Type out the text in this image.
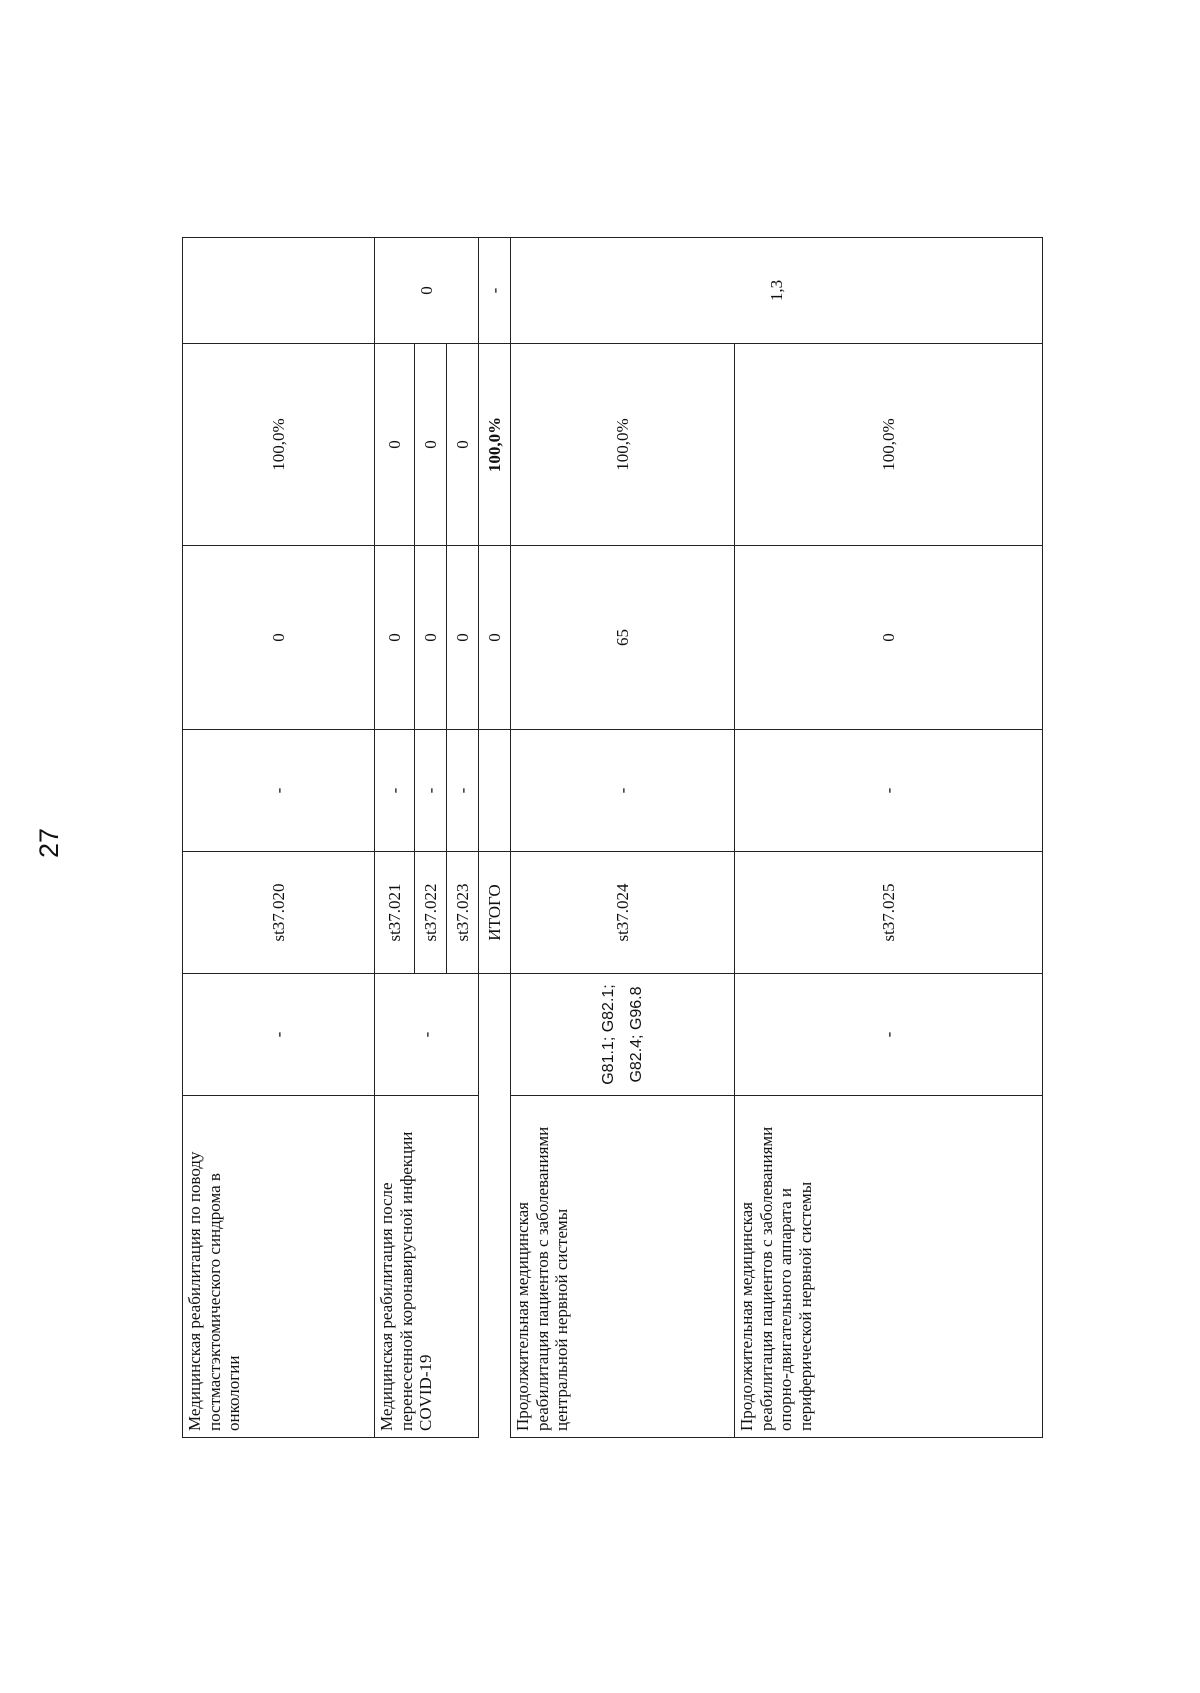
27
Медицинская реабилитация по поводу постмастэктомического синдрома в онкологии	-	st37.020	-	0	100,0%	
Медицинская реабилитация после перенесенной коронавирусной инфекции COVID-19	-	st37.021	-	0	0	0
		st37.022	-	0	0	
		st37.023	-	0	0	
		ИТОГО		0	100,0%	-
Продолжительная медицинская реабилитация пациентов с заболеваниями центральной нервной системы	G81.1; G82.1; G82.4; G96.8	st37.024	-	65	100,0%	1,3
Продолжительная медицинская реабилитация пациентов с заболеваниями опорно-двигательного аппарата и периферической нервной системы	-	st37.025	-	0	100,0%	
